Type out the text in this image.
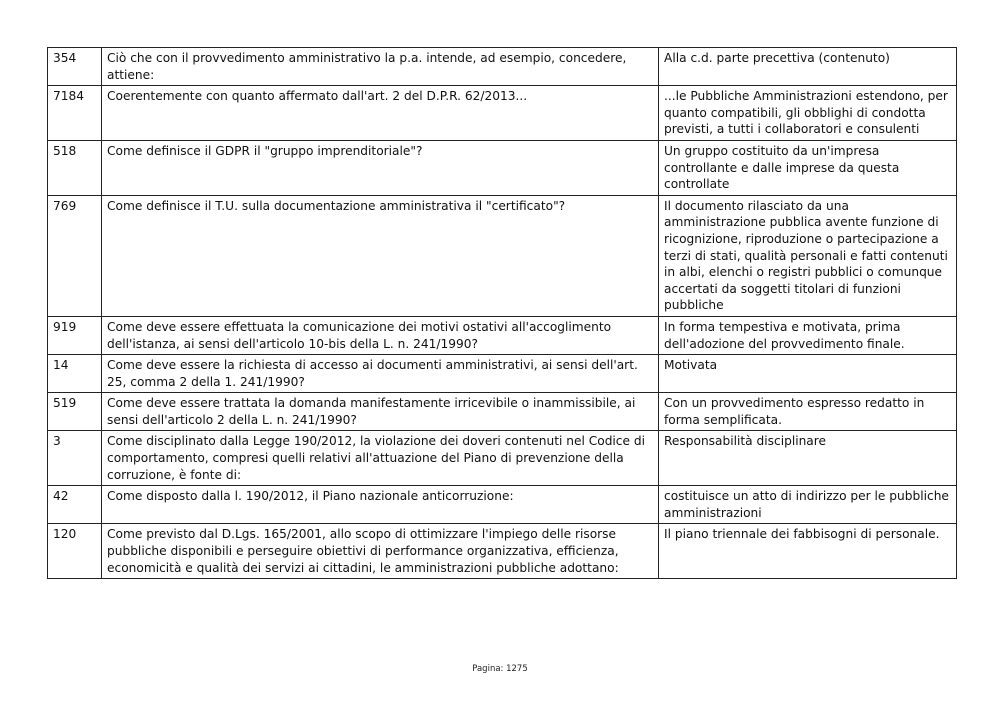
354	Ciò che con il provvedimento amministrativo la p.a. intende, ad esempio, concedere, attiene:	Alla c.d. parte precettiva (contenuto)
7184	Coerentemente con quanto affermato dall'art. 2 del D.P.R. 62/2013...	...le Pubbliche Amministrazioni estendono, per quanto compatibili, gli obblighi di condotta previsti, a tutti i collaboratori e consulenti
518	Come definisce il GDPR il "gruppo imprenditoriale"?	Un gruppo costituito da un'impresa controllante e dalle imprese da questa controllate
769	Come definisce il T.U. sulla documentazione amministrativa il "certificato"?	Il documento rilasciato da una amministrazione pubblica avente funzione di ricognizione, riproduzione o partecipazione a terzi di stati, qualità personali e fatti contenuti in albi, elenchi o registri pubblici o comunque accertati da soggetti titolari di funzioni pubbliche
919	Come deve essere effettuata la comunicazione dei motivi ostativi all'accoglimento dell'istanza, ai sensi dell'articolo 10-bis della L. n. 241/1990?	In forma tempestiva e motivata, prima dell'adozione del provvedimento finale.
14	Come deve essere la richiesta di accesso ai documenti amministrativi, ai sensi dell'art. 25, comma 2 della 1. 241/1990?	Motivata
519	Come deve essere trattata la domanda manifestamente irricevibile o inammissibile, ai sensi dell'articolo 2 della L. n. 241/1990?	Con un provvedimento espresso redatto in forma semplificata.
3	Come disciplinato dalla Legge 190/2012, la violazione dei doveri contenuti nel Codice di comportamento, compresi quelli relativi all'attuazione del Piano di prevenzione della corruzione, è fonte di:	Responsabilità disciplinare
42	Come disposto dalla l. 190/2012, il Piano nazionale anticorruzione:	costituisce un atto di indirizzo per le pubbliche amministrazioni
120	Come previsto dal D.Lgs. 165/2001, allo scopo di ottimizzare l'impiego delle risorse pubbliche disponibili e perseguire obiettivi di performance organizzativa, efficienza, economicità e qualità dei servizi ai cittadini, le amministrazioni pubbliche adottano:	Il piano triennale dei fabbisogni di personale.
Pagina: 1275
